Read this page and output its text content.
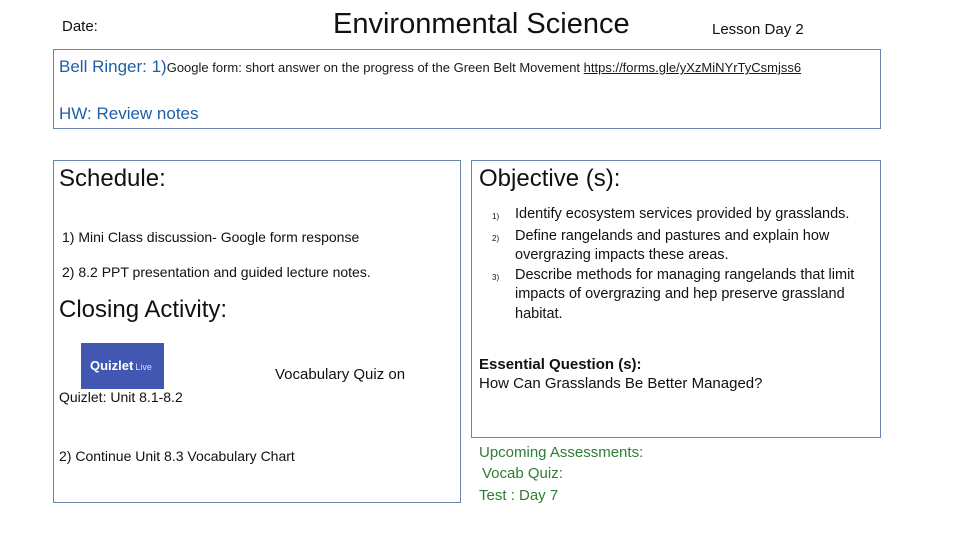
Date:	Environmental Science	Lesson Day 2
Bell Ringer: 1)Google form: short answer on the progress of the Green Belt Movement https://forms.gle/yXzMiNYrTyCsmjss6
HW: Review notes
Schedule:
1) Mini Class discussion- Google form response
2) 8.2 PPT presentation and guided lecture notes.
Closing Activity:
Quizlet Live	Vocabulary Quiz on
Quizlet: Unit 8.1-8.2
2) Continue Unit 8.3 Vocabulary Chart
Objective (s):
1)	Identify ecosystem services provided by grasslands.
2)	Define rangelands and pastures and explain how overgrazing impacts these areas.
3)	Describe methods for managing rangelands that limit impacts of overgrazing and hep preserve grassland habitat.
Essential Question (s):
How Can Grasslands Be Better Managed?
Upcoming Assessments:
Vocab Quiz:
Test : Day 7
